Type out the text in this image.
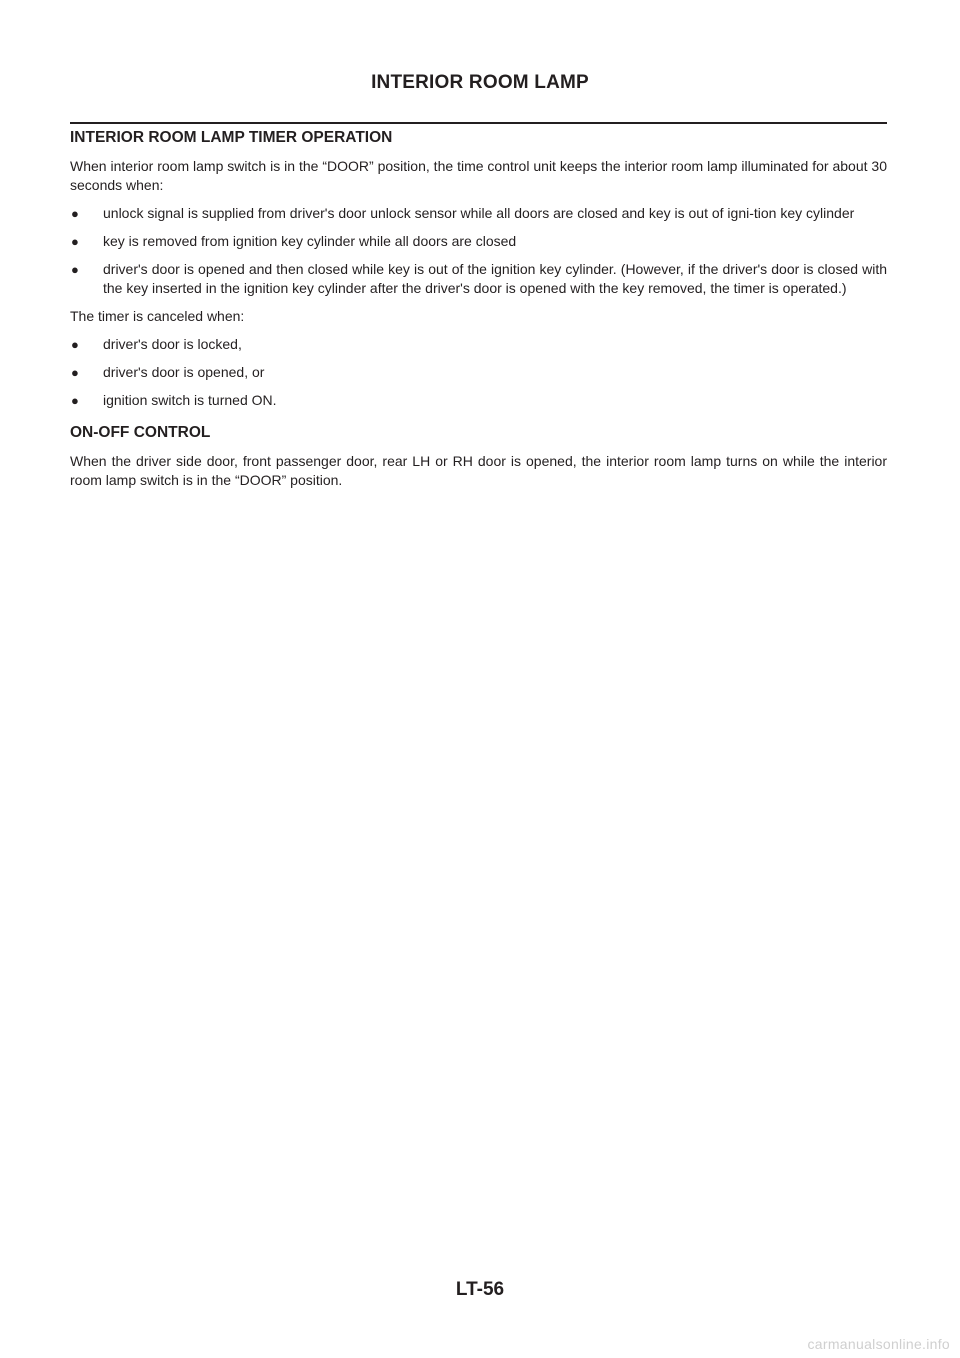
INTERIOR ROOM LAMP
INTERIOR ROOM LAMP TIMER OPERATION

When interior room lamp switch is in the “DOOR” position, the time control unit keeps the interior room lamp illuminated for about 30 seconds when:

● unlock signal is supplied from driver's door unlock sensor while all doors are closed and key is out of igni-tion key cylinder
● key is removed from ignition key cylinder while all doors are closed
● driver's door is opened and then closed while key is out of the ignition key cylinder. (However, if the driver's door is closed with the key inserted in the ignition key cylinder after the driver's door is opened with the key removed, the timer is operated.)

The timer is canceled when:

● driver's door is locked,
● driver's door is opened, or
● ignition switch is turned ON.
ON-OFF CONTROL

When the driver side door, front passenger door, rear LH or RH door is opened, the interior room lamp turns on while the interior room lamp switch is in the “DOOR” position.

LT-56
carmanualsonline.info
